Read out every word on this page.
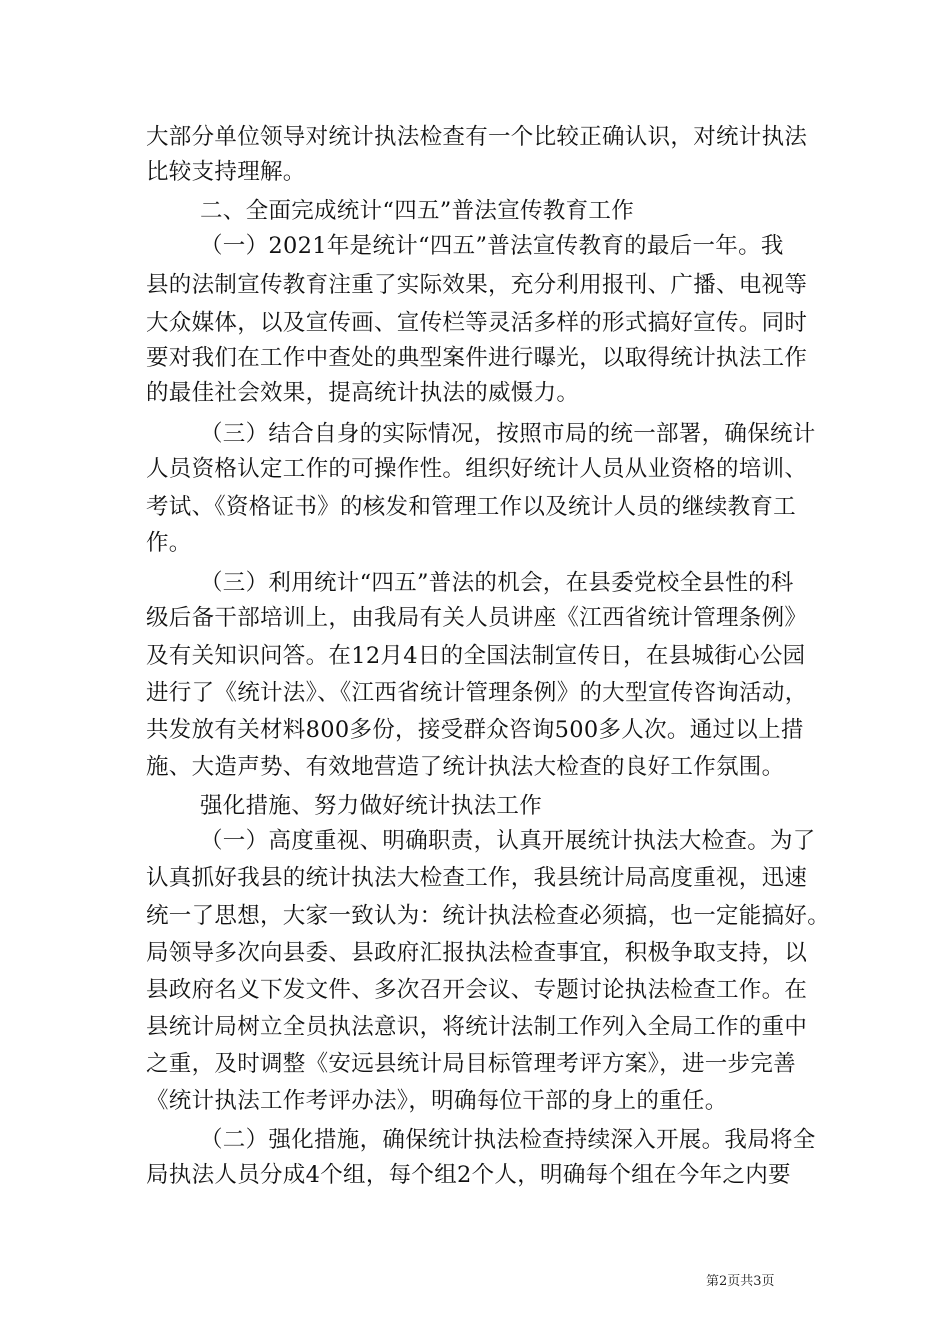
大部分单位领导对统计执法检查有一个比较正确认识，对统计执法
比较支持理解。
二、全面完成统计“四五”普法宣传教育工作
（一）2021年是统计“四五”普法宣传教育的最后一年。我
县的法制宣传教育注重了实际效果，充分利用报刊、广播、电视等
大众媒体，以及宣传画、宣传栏等灵活多样的形式搞好宣传。同时
要对我们在工作中查处的典型案件进行曝光，以取得统计执法工作
的最佳社会效果，提高统计执法的威慑力。
（三）结合自身的实际情况，按照市局的统一部署，确保统计
人员资格认定工作的可操作性。组织好统计人员从业资格的培训、
考试、《资格证书》的核发和管理工作以及统计人员的继续教育工
作。
（三）利用统计“四五”普法的机会，在县委党校全县性的科
级后备干部培训上，由我局有关人员讲座《江西省统计管理条例》
及有关知识问答。在12月4日的全国法制宣传日，在县城街心公园
进行了《统计法》、《江西省统计管理条例》的大型宣传咨询活动，
共发放有关材料800多份，接受群众咨询500多人次。通过以上措
施、大造声势、有效地营造了统计执法大检查的良好工作氛围。
强化措施、努力做好统计执法工作
（一）高度重视、明确职责，认真开展统计执法大检查。为了
认真抓好我县的统计执法大检查工作，我县统计局高度重视，迅速
统一了思想，大家一致认为：统计执法检查必须搞，也一定能搞好。
局领导多次向县委、县政府汇报执法检查事宜，积极争取支持，以
县政府名义下发文件、多次召开会议、专题讨论执法检查工作。在
县统计局树立全员执法意识，将统计法制工作列入全局工作的重中
之重，及时调整《安远县统计局目标管理考评方案》，进一步完善
《统计执法工作考评办法》，明确每位干部的身上的重任。
（二）强化措施，确保统计执法检查持续深入开展。我局将全
局执法人员分成4个组，每个组2个人，明确每个组在今年之内要
第2页共3页
